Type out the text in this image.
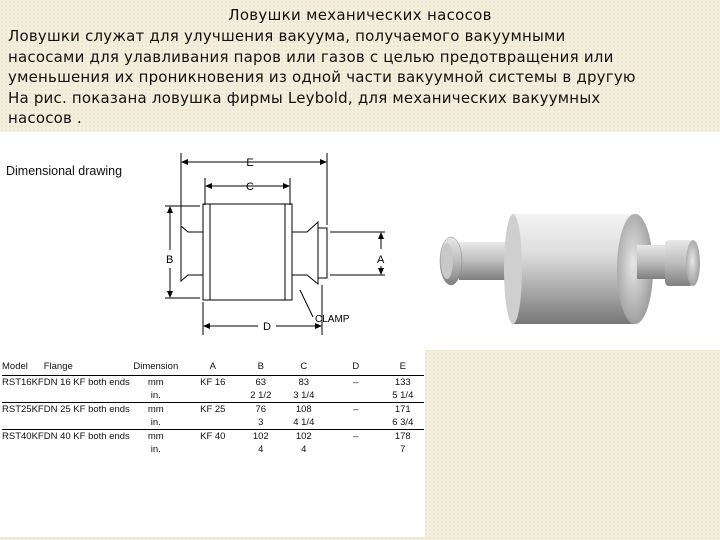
Ловушки механических насосов

Ловушки служат для улучшения вакуума, получаемого вакуумными

насосами для улавливания паров или газов с целью предотвращения или

уменьшения их проникновения из одной части вакуумной системы в другую

На рис. показана ловушка фирмы Leybold, для механических вакуумных

насосов .

Dimensional drawing
E
C
B	A
D
CLAMP
Model	Flange	Dimension	A	B	C	D	E
RST16KF	DN 16 KF both ends	mm	KF 16	63	83	–	133
		in.		2 1/2	3 1/4		5 1/4
RST25KF	DN 25 KF both ends	mm	KF 25	76	108	–	171
		in.		3	4 1/4		6 3/4
RST40KF	DN 40 KF both ends	mm	KF 40	102	102	–	178
		in.		4	4		7
